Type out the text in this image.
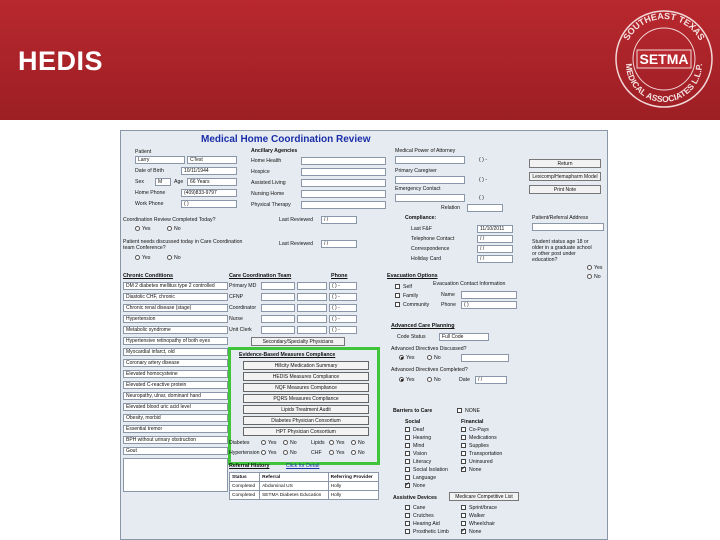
HEDIS
SOUTHEAST TEXAS
MEDICAL ASSOCIATES L.L.P.
SETMA
Medical Home Coordination Review
Patient
Larry	CTest
Date of Birth	10/11/1944
Sex	M	Age	66 Years
Home Phone	(409)833-9797
Work Phone	( )
Ancillary Agencies
Home Health
Hospice
Assisted Living
Nursing Home
Physical Therapy
Medical Power of Attorney
( ) -
Primary Caregiver
( ) -
Emergency Contact
( )
Relation
Return
Lexicomp/Hemapharm Model
Print Note
Coordination Review Completed Today?
Yes	No
Last Reviewed	/ /
Patient needs discussed today in Care Coordination team Conference?
Yes	No
Last Reviewed	/ /
Compliance:
Last F&F	11/10/2011
Telephone Contact	/ /
Correspondence	/ /
Holiday Card	/ /
Patient/Referral Address
Student status age 18 or older in a graduate school or other post under education?
Yes
No
Chronic Conditions
DM 2 diabetes mellitus type 2 controlled
Diastolic CHF, chronic
Chronic renal disease (stage)
Hypertension
Metabolic syndrome
Hypertensive retinopathy of both eyes
Myocardial infarct, old
Coronary artery disease
Elevated homocysteine
Elevated C-reactive protein
Neuropathy, ulnar, dominant hand
Elevated blood uric acid level
Obesity, morbid
Essential tremor
BPH without urinary obstruction
Gout
Care Coordination Team	Phone
Primary MD	( ) -
CFNP	( ) -
Coordinator	( ) -
Nurse	( ) -
Unit Clerk	( ) -
Secondary/Specialty Physicians
Evidence-Based Measures Compliance
Hillcity Medication Summary
HEDIS Measures Compliance
NQF Measures Compliance
PQRS Measures Compliance
Lipids Treatment Audit
Diabetes Physician Consortium
HPT Physician Consortium
Diabetes	Yes	No	Lipids Yes	No
Hypertension Yes	No	CHF	Yes	No
Referral History	Click for Detail
Status	Referral	Referring Provider
Completed	Abdominal US	Holly
Completed	SETMA Diabetes Education	Holly
Evacuation Options
Evacuation Contact Information
Self
Family
Community
Name
Phone	( )
Advanced Care Planning
Code Status	Full Code
Advanced Directives Discussed?
Yes	No
Advanced Directives Completed?
Yes	No	Date	/ /
Barriers to Care	NONE
Social
Deaf
Hearing
Mind
Vision
Literacy
Social Isolation
Language
✓
None
Financial
Co-Pays
Medications
Supplies
Transportation
Uninsured
✓
None
Assistive Devices	Medicare Competitive List
Cane
Crutches
Hearing Aid
Prosthetic Limb
Sprint/brace
Walker
Wheelchair
✓
None
